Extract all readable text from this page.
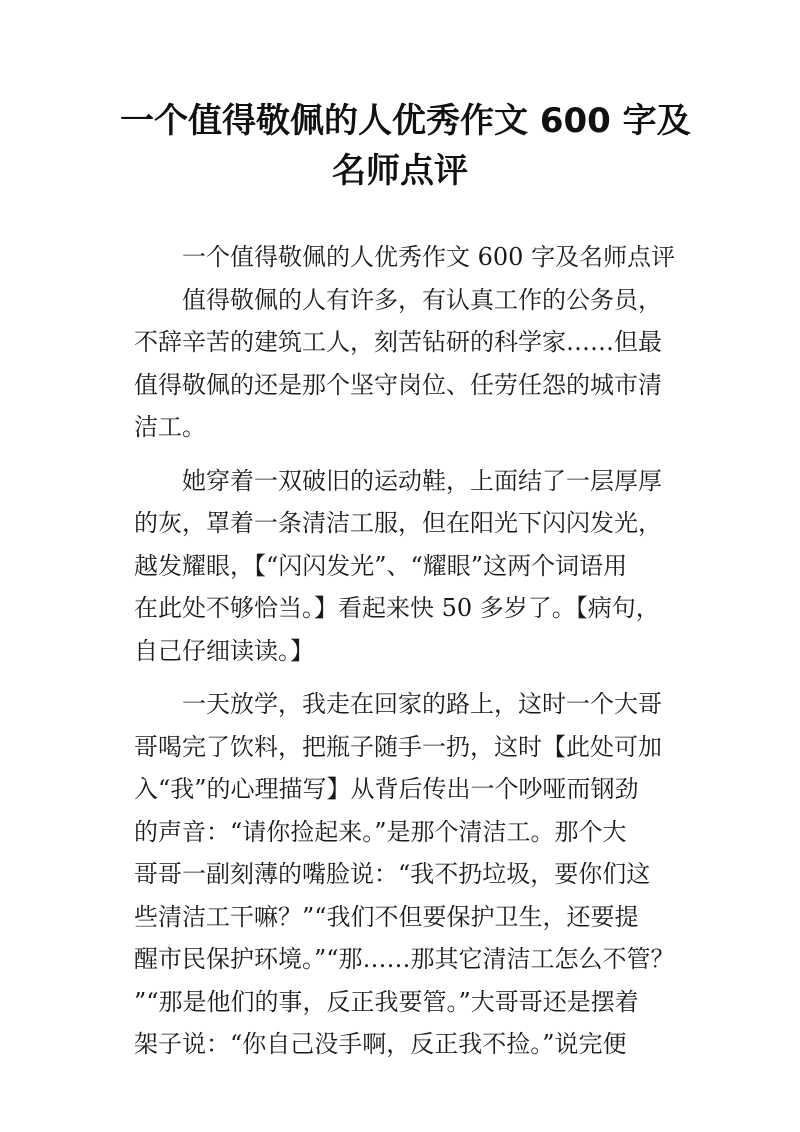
一个值得敬佩的人优秀作文 600 字及
名师点评
一个值得敬佩的人优秀作文 600 字及名师点评
值得敬佩的人有许多，有认真工作的公务员，
不辞辛苦的建筑工人，刻苦钻研的科学家……但最
值得敬佩的还是那个坚守岗位、任劳任怨的城市清
洁工。
她穿着一双破旧的运动鞋，上面结了一层厚厚
的灰，罩着一条清洁工服，但在阳光下闪闪发光，
越发耀眼，【“闪闪发光”、“耀眼”这两个词语用
在此处不够恰当。】看起来快 50 多岁了。【病句，
自己仔细读读。】
一天放学，我走在回家的路上，这时一个大哥
哥喝完了饮料，把瓶子随手一扔，这时【此处可加
入“我”的心理描写】从背后传出一个吵哑而钢劲
的声音：“请你捡起来。”是那个清洁工。那个大
哥哥一副刻薄的嘴脸说：“我不扔垃圾，要你们这
些清洁工干嘛？”“我们不但要保护卫生，还要提
醒市民保护环境。”“那……那其它清洁工怎么不管？
”“那是他们的事，反正我要管。”大哥哥还是摆着
架子说：“你自己没手啊，反正我不捡。”说完便
